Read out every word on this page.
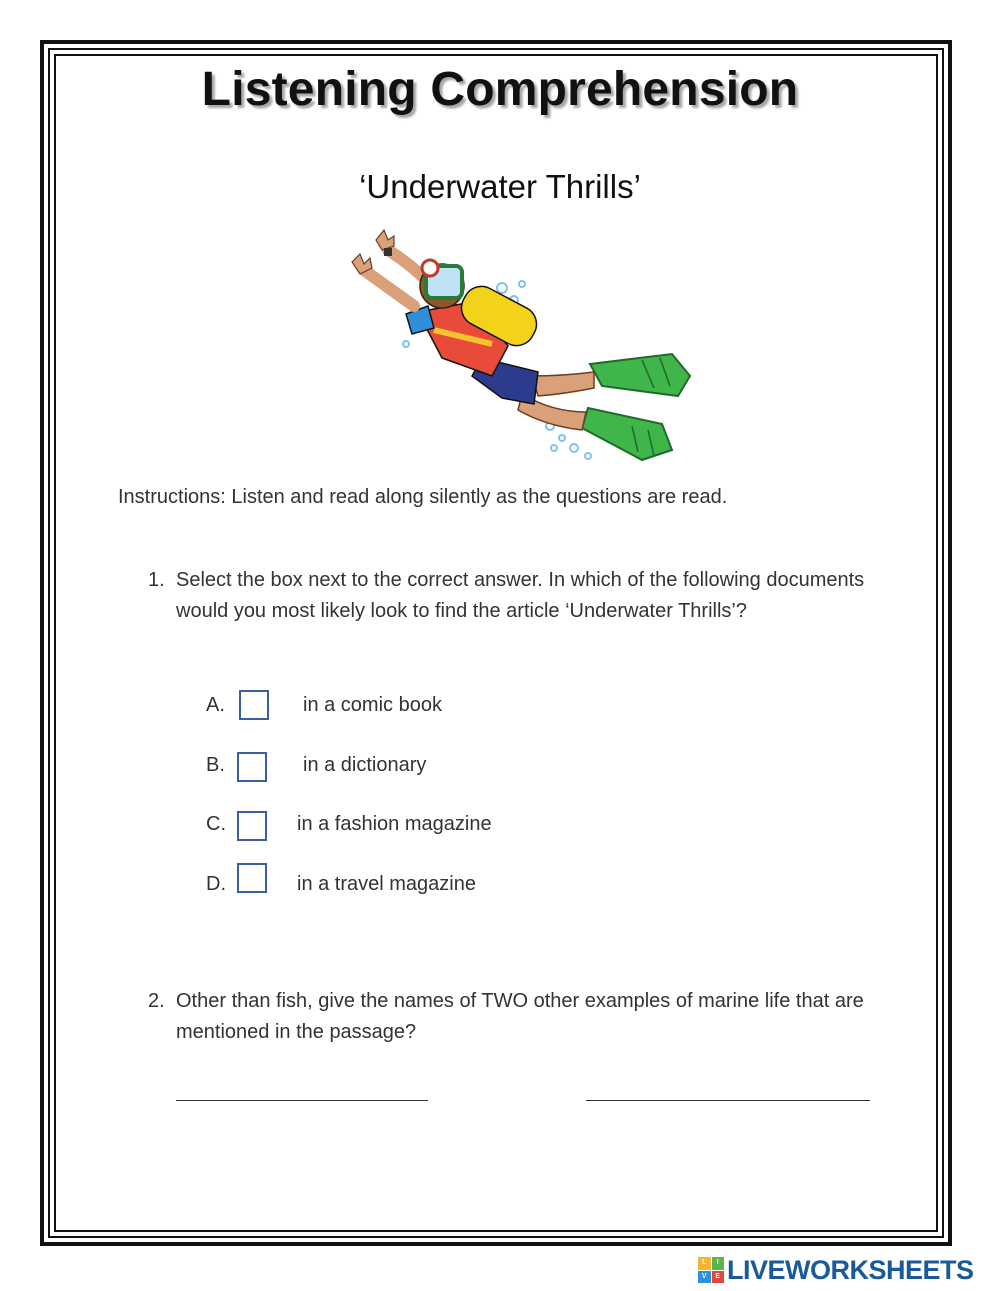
Listening Comprehension
‘Underwater Thrills’
Instructions: Listen and read along silently as the questions are read.
1. Select the box next to the correct answer. In which of the following documents would you most likely look to find the article ‘Underwater Thrills’?
A.	in a comic book
B.	in a dictionary
C.	in a fashion magazine
D.	in a travel magazine
2. Other than fish, give the names of TWO other examples of marine life that are mentioned in the passage?
L	I
V	E LIVEWORKSHEETS
